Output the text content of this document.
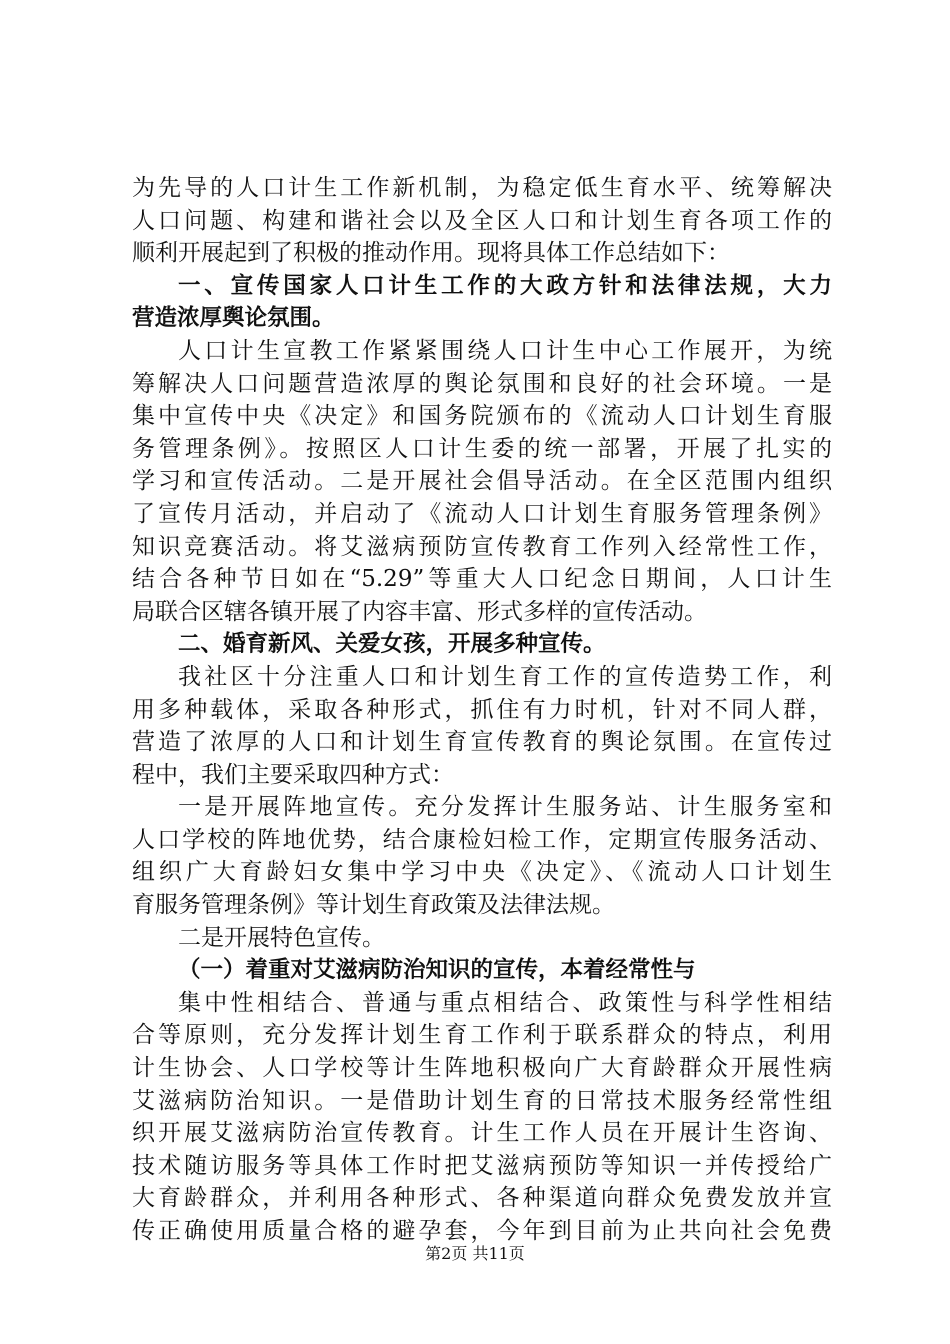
为先导的人口计生工作新机制，为稳定低生育水平、统筹解决
人口问题、构建和谐社会以及全区人口和计划生育各项工作的
顺利开展起到了积极的推动作用。现将具体工作总结如下：
一、宣传国家人口计生工作的大政方针和法律法规，大力
营造浓厚舆论氛围。
人口计生宣教工作紧紧围绕人口计生中心工作展开，为统
筹解决人口问题营造浓厚的舆论氛围和良好的社会环境。一是
集中宣传中央《决定》和国务院颁布的《流动人口计划生育服
务管理条例》。按照区人口计生委的统一部署，开展了扎实的
学习和宣传活动。二是开展社会倡导活动。在全区范围内组织
了宣传月活动，并启动了《流动人口计划生育服务管理条例》
知识竞赛活动。将艾滋病预防宣传教育工作列入经常性工作，
结合各种节日如在“5.29”等重大人口纪念日期间，人口计生
局联合区辖各镇开展了内容丰富、形式多样的宣传活动。
二、婚育新风、关爱女孩，开展多种宣传。
我社区十分注重人口和计划生育工作的宣传造势工作，利
用多种载体，采取各种形式，抓住有力时机，针对不同人群，
营造了浓厚的人口和计划生育宣传教育的舆论氛围。在宣传过
程中，我们主要采取四种方式：
一是开展阵地宣传。充分发挥计生服务站、计生服务室和
人口学校的阵地优势，结合康检妇检工作，定期宣传服务活动、
组织广大育龄妇女集中学习中央《决定》、《流动人口计划生
育服务管理条例》等计划生育政策及法律法规。
二是开展特色宣传。
（一）着重对艾滋病防治知识的宣传，本着经常性与
集中性相结合、普通与重点相结合、政策性与科学性相结
合等原则，充分发挥计划生育工作利于联系群众的特点，利用
计生协会、人口学校等计生阵地积极向广大育龄群众开展性病
艾滋病防治知识。一是借助计划生育的日常技术服务经常性组
织开展艾滋病防治宣传教育。计生工作人员在开展计生咨询、
技术随访服务等具体工作时把艾滋病预防等知识一并传授给广
大育龄群众，并利用各种形式、各种渠道向群众免费发放并宣
传正确使用质量合格的避孕套，今年到目前为止共向社会免费
第2页 共11页
